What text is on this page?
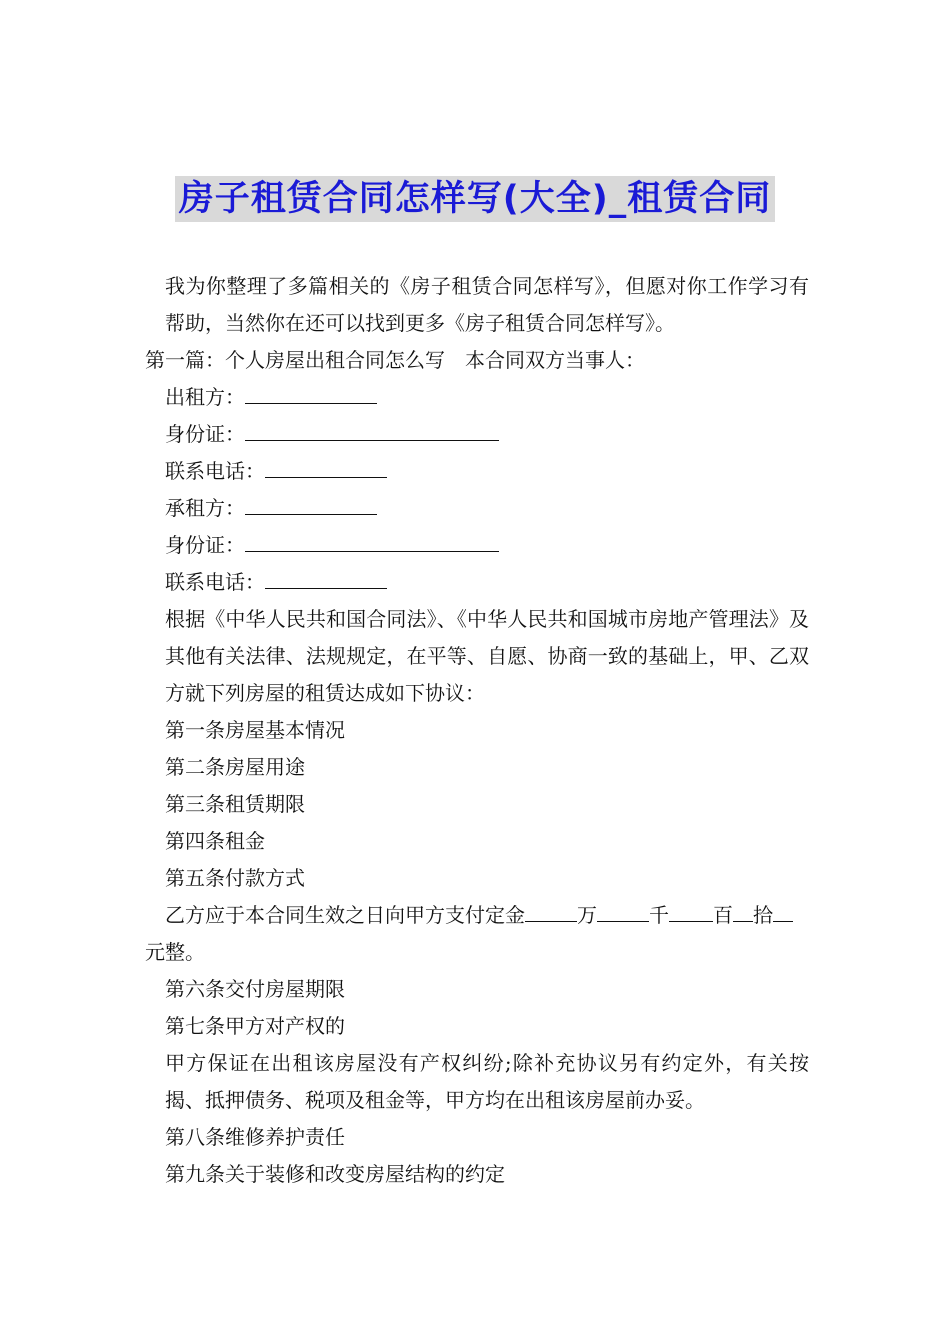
房子租赁合同怎样写(大全)_租赁合同

我为你整理了多篇相关的《房子租赁合同怎样写》，但愿对你工作学习有帮助，当然你在还可以找到更多《房子租赁合同怎样写》。

第一篇：个人房屋出租合同怎么写　本合同双方当事人：

出租方：

身份证：

联系电话：

承租方：

身份证：

联系电话：

根据《中华人民共和国合同法》、《中华人民共和国城市房地产管理法》及其他有关法律、法规规定，在平等、自愿、协商一致的基础上，甲、乙双方就下列房屋的租赁达成如下协议：

第一条房屋基本情况

第二条房屋用途

第三条租赁期限

第四条租金

第五条付款方式

乙方应于本合同生效之日向甲方支付定金	万	千 百 拾

元整。

第六条交付房屋期限

第七条甲方对产权的

甲方保证在出租该房屋没有产权纠纷;除补充协议另有约定外，有关按揭、抵押债务、税项及租金等，甲方均在出租该房屋前办妥。

第八条维修养护责任

第九条关于装修和改变房屋结构的约定
